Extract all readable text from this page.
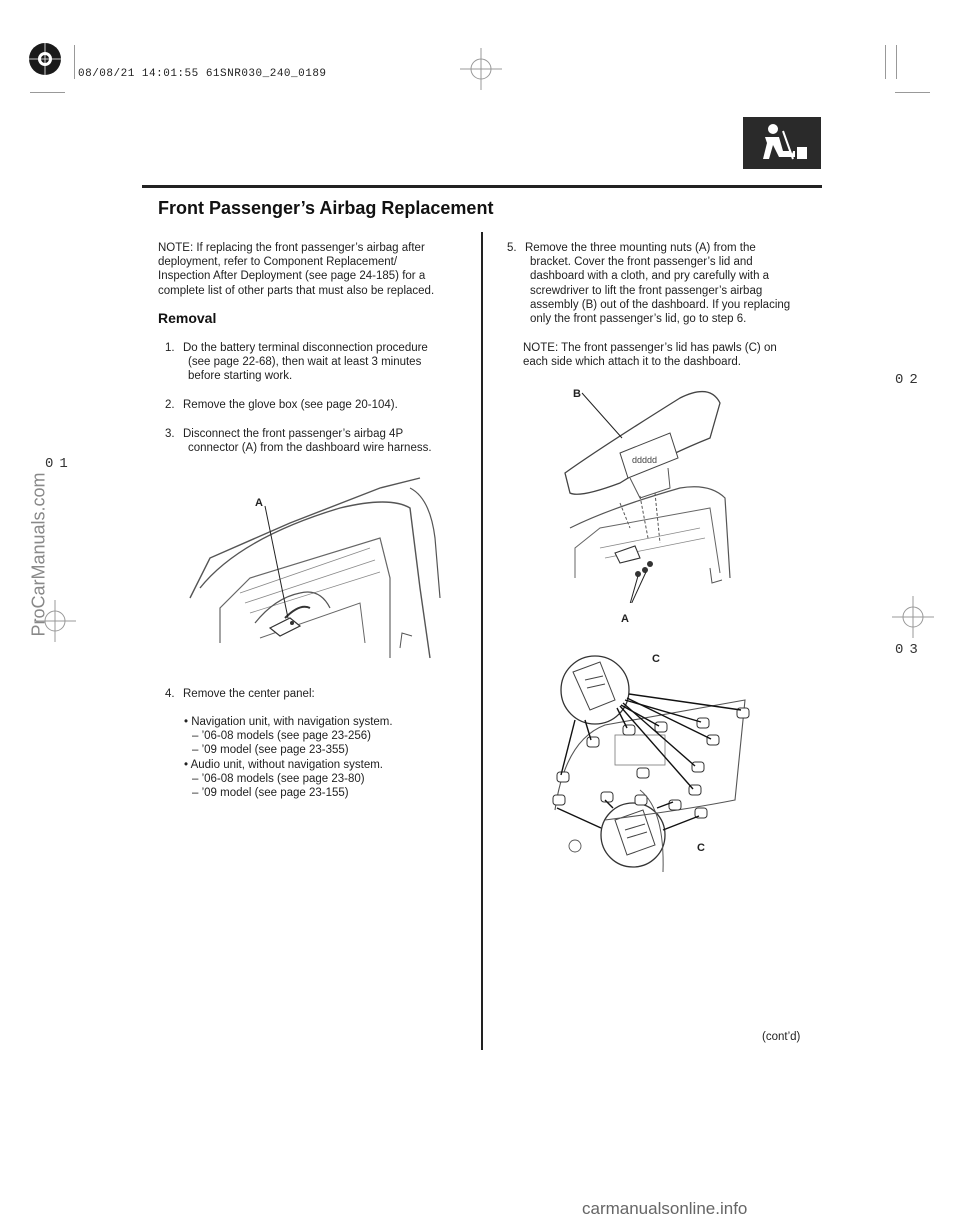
08/08/21 14:01:55 61SNR030_240_0189
02
03
01
Front Passenger’s Airbag Replacement
NOTE: If replacing the front passenger’s airbag after
deployment, refer to Component Replacement/
Inspection After Deployment (see page 24-185) for a
complete list of other parts that must also be replaced.
Removal
1. Do the battery terminal disconnection procedure
(see page 22-68), then wait at least 3 minutes
before starting work.
2. Remove the glove box (see page 20-104).
3. Disconnect the front passenger’s airbag 4P
connector (A) from the dashboard wire harness.
A
4. Remove the center panel:
• Navigation unit, with navigation system.
– ’06-08 models (see page 23-256)
– ’09 model (see page 23-355)
• Audio unit, without navigation system.
– ’06-08 models (see page 23-80)
– ’09 model (see page 23-155)
5. Remove the three mounting nuts (A) from the
bracket. Cover the front passenger’s lid and
dashboard with a cloth, and pry carefully with a
screwdriver to lift the front passenger’s airbag
assembly (B) out of the dashboard. If you replacing
only the front passenger’s lid, go to step 6.
NOTE: The front passenger’s lid has pawls (C) on
each side which attach it to the dashboard.
ddddd
B
A
C
C
(cont’d)
ProCarManuals.com
carmanualsonline.info
